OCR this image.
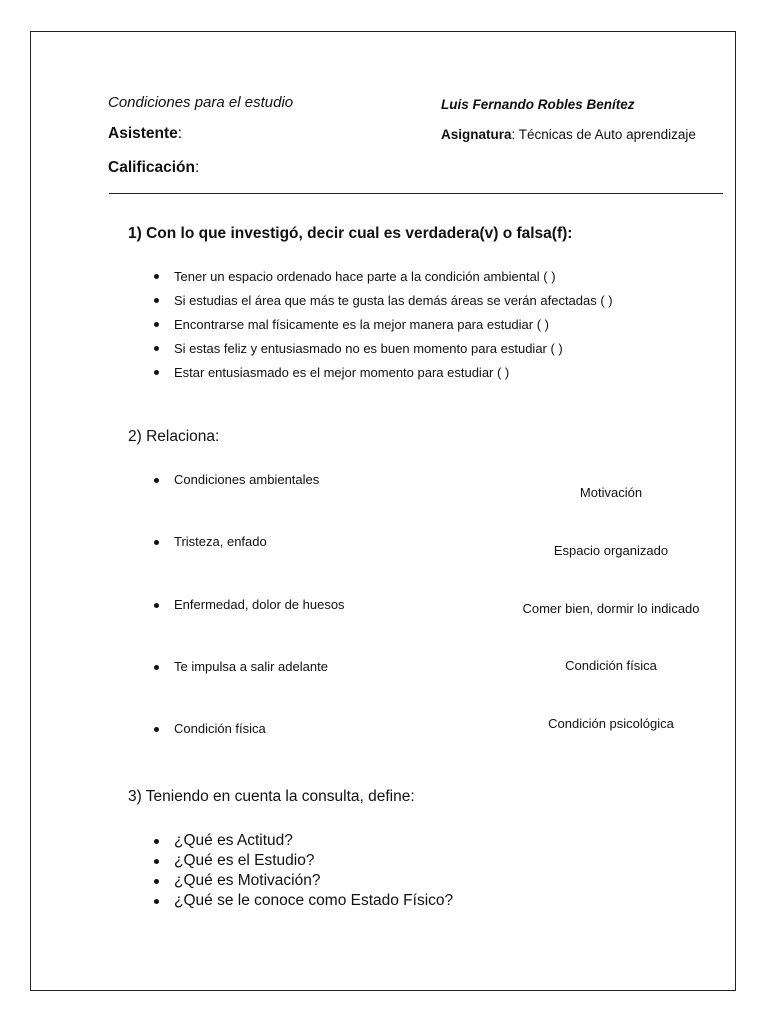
Condiciones para el estudio	Luis Fernando Robles Benítez
Asistente:	Asignatura: Técnicas de Auto aprendizaje
Calificación:
1) Con lo que investigó, decir cual es verdadera(v) o falsa(f):
Tener un espacio ordenado hace parte a la condición ambiental ( )
Si estudias el área que más te gusta las demás áreas se verán afectadas ( )
Encontrarse mal físicamente es la mejor manera para estudiar ( )
Si estas feliz y entusiasmado no es buen momento para estudiar ( )
Estar entusiasmado es el mejor momento para estudiar ( )
2) Relaciona:
Condiciones ambientales
Tristeza, enfado
Enfermedad, dolor de huesos
Te impulsa a salir adelante
Condición física
Motivación
Espacio organizado
Comer bien, dormir lo indicado
Condición física
Condición psicológica
3) Teniendo en cuenta la consulta, define:
¿Qué es Actitud?
¿Qué es el Estudio?
¿Qué es Motivación?
¿Qué se le conoce como Estado Físico?
